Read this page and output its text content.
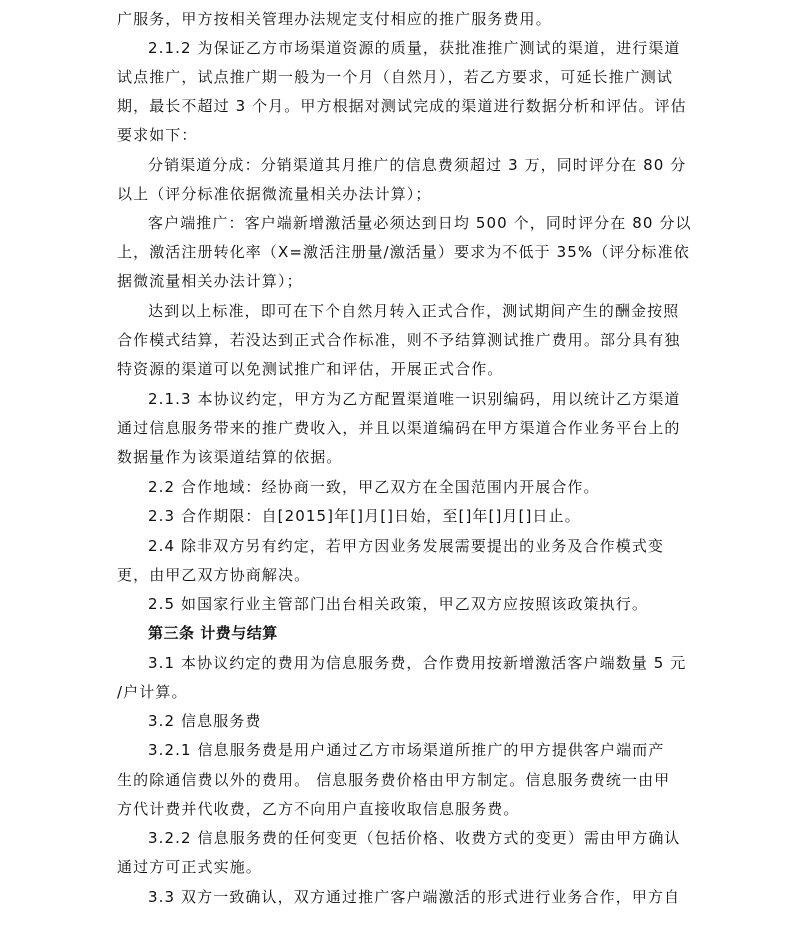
广服务，甲方按相关管理办法规定支付相应的推广服务费用。
2.1.2 为保证乙方市场渠道资源的质量，获批准推广测试的渠道，进行渠道
试点推广，试点推广期一般为一个月（自然月），若乙方要求，可延长推广测试
期，最长不超过 3 个月。甲方根据对测试完成的渠道进行数据分析和评估。评估
要求如下：
分销渠道分成：分销渠道其月推广的信息费须超过 3 万，同时评分在 80 分
以上（评分标准依据微流量相关办法计算）；
客户端推广：客户端新增激活量必须达到日均 500 个，同时评分在 80 分以
上，激活注册转化率（X=激活注册量/激活量）要求为不低于 35%（评分标准依
据微流量相关办法计算）；
达到以上标准，即可在下个自然月转入正式合作，测试期间产生的酬金按照
合作模式结算，若没达到正式合作标准，则不予结算测试推广费用。部分具有独
特资源的渠道可以免测试推广和评估，开展正式合作。
2.1.3 本协议约定，甲方为乙方配置渠道唯一识别编码，用以统计乙方渠道
通过信息服务带来的推广费收入，并且以渠道编码在甲方渠道合作业务平台上的
数据量作为该渠道结算的依据。
2.2 合作地域：经协商一致，甲乙双方在全国范围内开展合作。
2.3 合作期限：自[2015]年[]月[]日始，至[]年[]月[]日止。
2.4 除非双方另有约定，若甲方因业务发展需要提出的业务及合作模式变
更，由甲乙双方协商解决。
2.5 如国家行业主管部门出台相关政策，甲乙双方应按照该政策执行。
第三条 计费与结算
3.1 本协议约定的费用为信息服务费，合作费用按新增激活客户端数量 5 元
/户计算。
3.2 信息服务费
3.2.1 信息服务费是用户通过乙方市场渠道所推广的甲方提供客户端而产
生的除通信费以外的费用。 信息服务费价格由甲方制定。信息服务费统一由甲
方代计费并代收费，乙方不向用户直接收取信息服务费。
3.2.2 信息服务费的任何变更（包括价格、收费方式的变更）需由甲方确认
通过方可正式实施。
3.3 双方一致确认，双方通过推广客户端激活的形式进行业务合作，甲方自
